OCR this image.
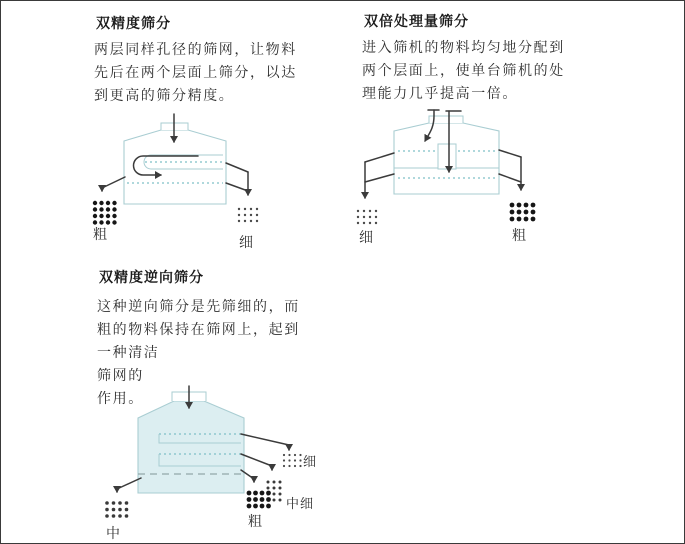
双精度筛分
两层同样孔径的筛网，让物料
先后在两个层面上筛分，以达
到更高的筛分精度。
双倍处理量筛分
进入筛机的物料均匀地分配到
两个层面上，使单台筛机的处
理能力几乎提高一倍。
双精度逆向筛分
这种逆向筛分是先筛细的，而
粗的物料保持在筛网上，起到
一种清洁
筛网的
作用。
粗	细	细	粗
细
中细
粗
中
